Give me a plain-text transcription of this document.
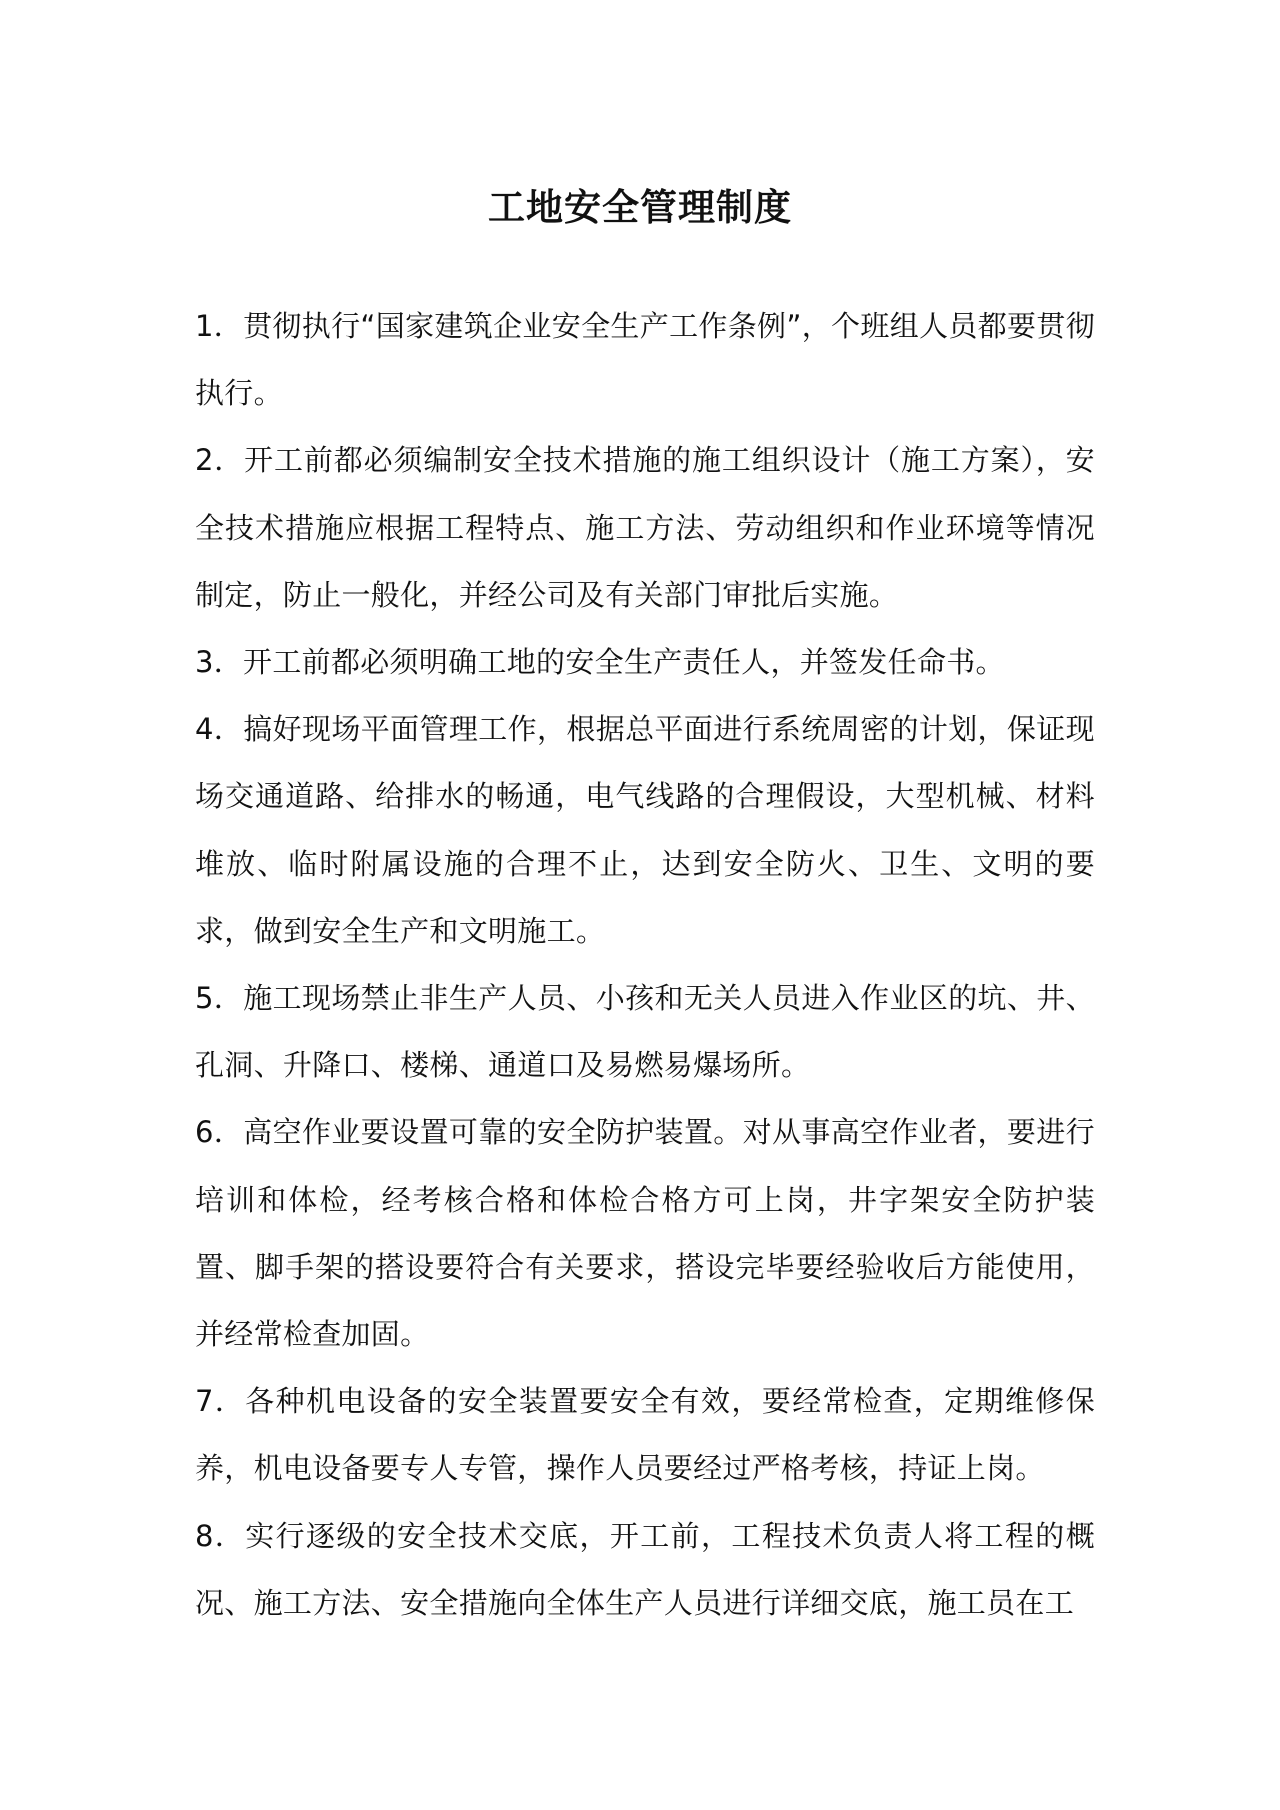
工地安全管理制度

1．贯彻执行“国家建筑企业安全生产工作条例”，个班组人员都要贯彻执行。

2．开工前都必须编制安全技术措施的施工组织设计（施工方案），安全技术措施应根据工程特点、施工方法、劳动组织和作业环境等情况制定，防止一般化，并经公司及有关部门审批后实施。

3．开工前都必须明确工地的安全生产责任人，并签发任命书。

4．搞好现场平面管理工作，根据总平面进行系统周密的计划，保证现场交通道路、给排水的畅通，电气线路的合理假设，大型机械、材料堆放、临时附属设施的合理不止，达到安全防火、卫生、文明的要求，做到安全生产和文明施工。

5．施工现场禁止非生产人员、小孩和无关人员进入作业区的坑、井、孔洞、升降口、楼梯、通道口及易燃易爆场所。

6．高空作业要设置可靠的安全防护装置。对从事高空作业者，要进行培训和体检，经考核合格和体检合格方可上岗，井字架安全防护装置、脚手架的搭设要符合有关要求，搭设完毕要经验收后方能使用，并经常检查加固。

7．各种机电设备的安全装置要安全有效，要经常检查，定期维修保养，机电设备要专人专管，操作人员要经过严格考核，持证上岗。

8．实行逐级的安全技术交底，开工前，工程技术负责人将工程的概况、施工方法、安全措施向全体生产人员进行详细交底，施工员在工
